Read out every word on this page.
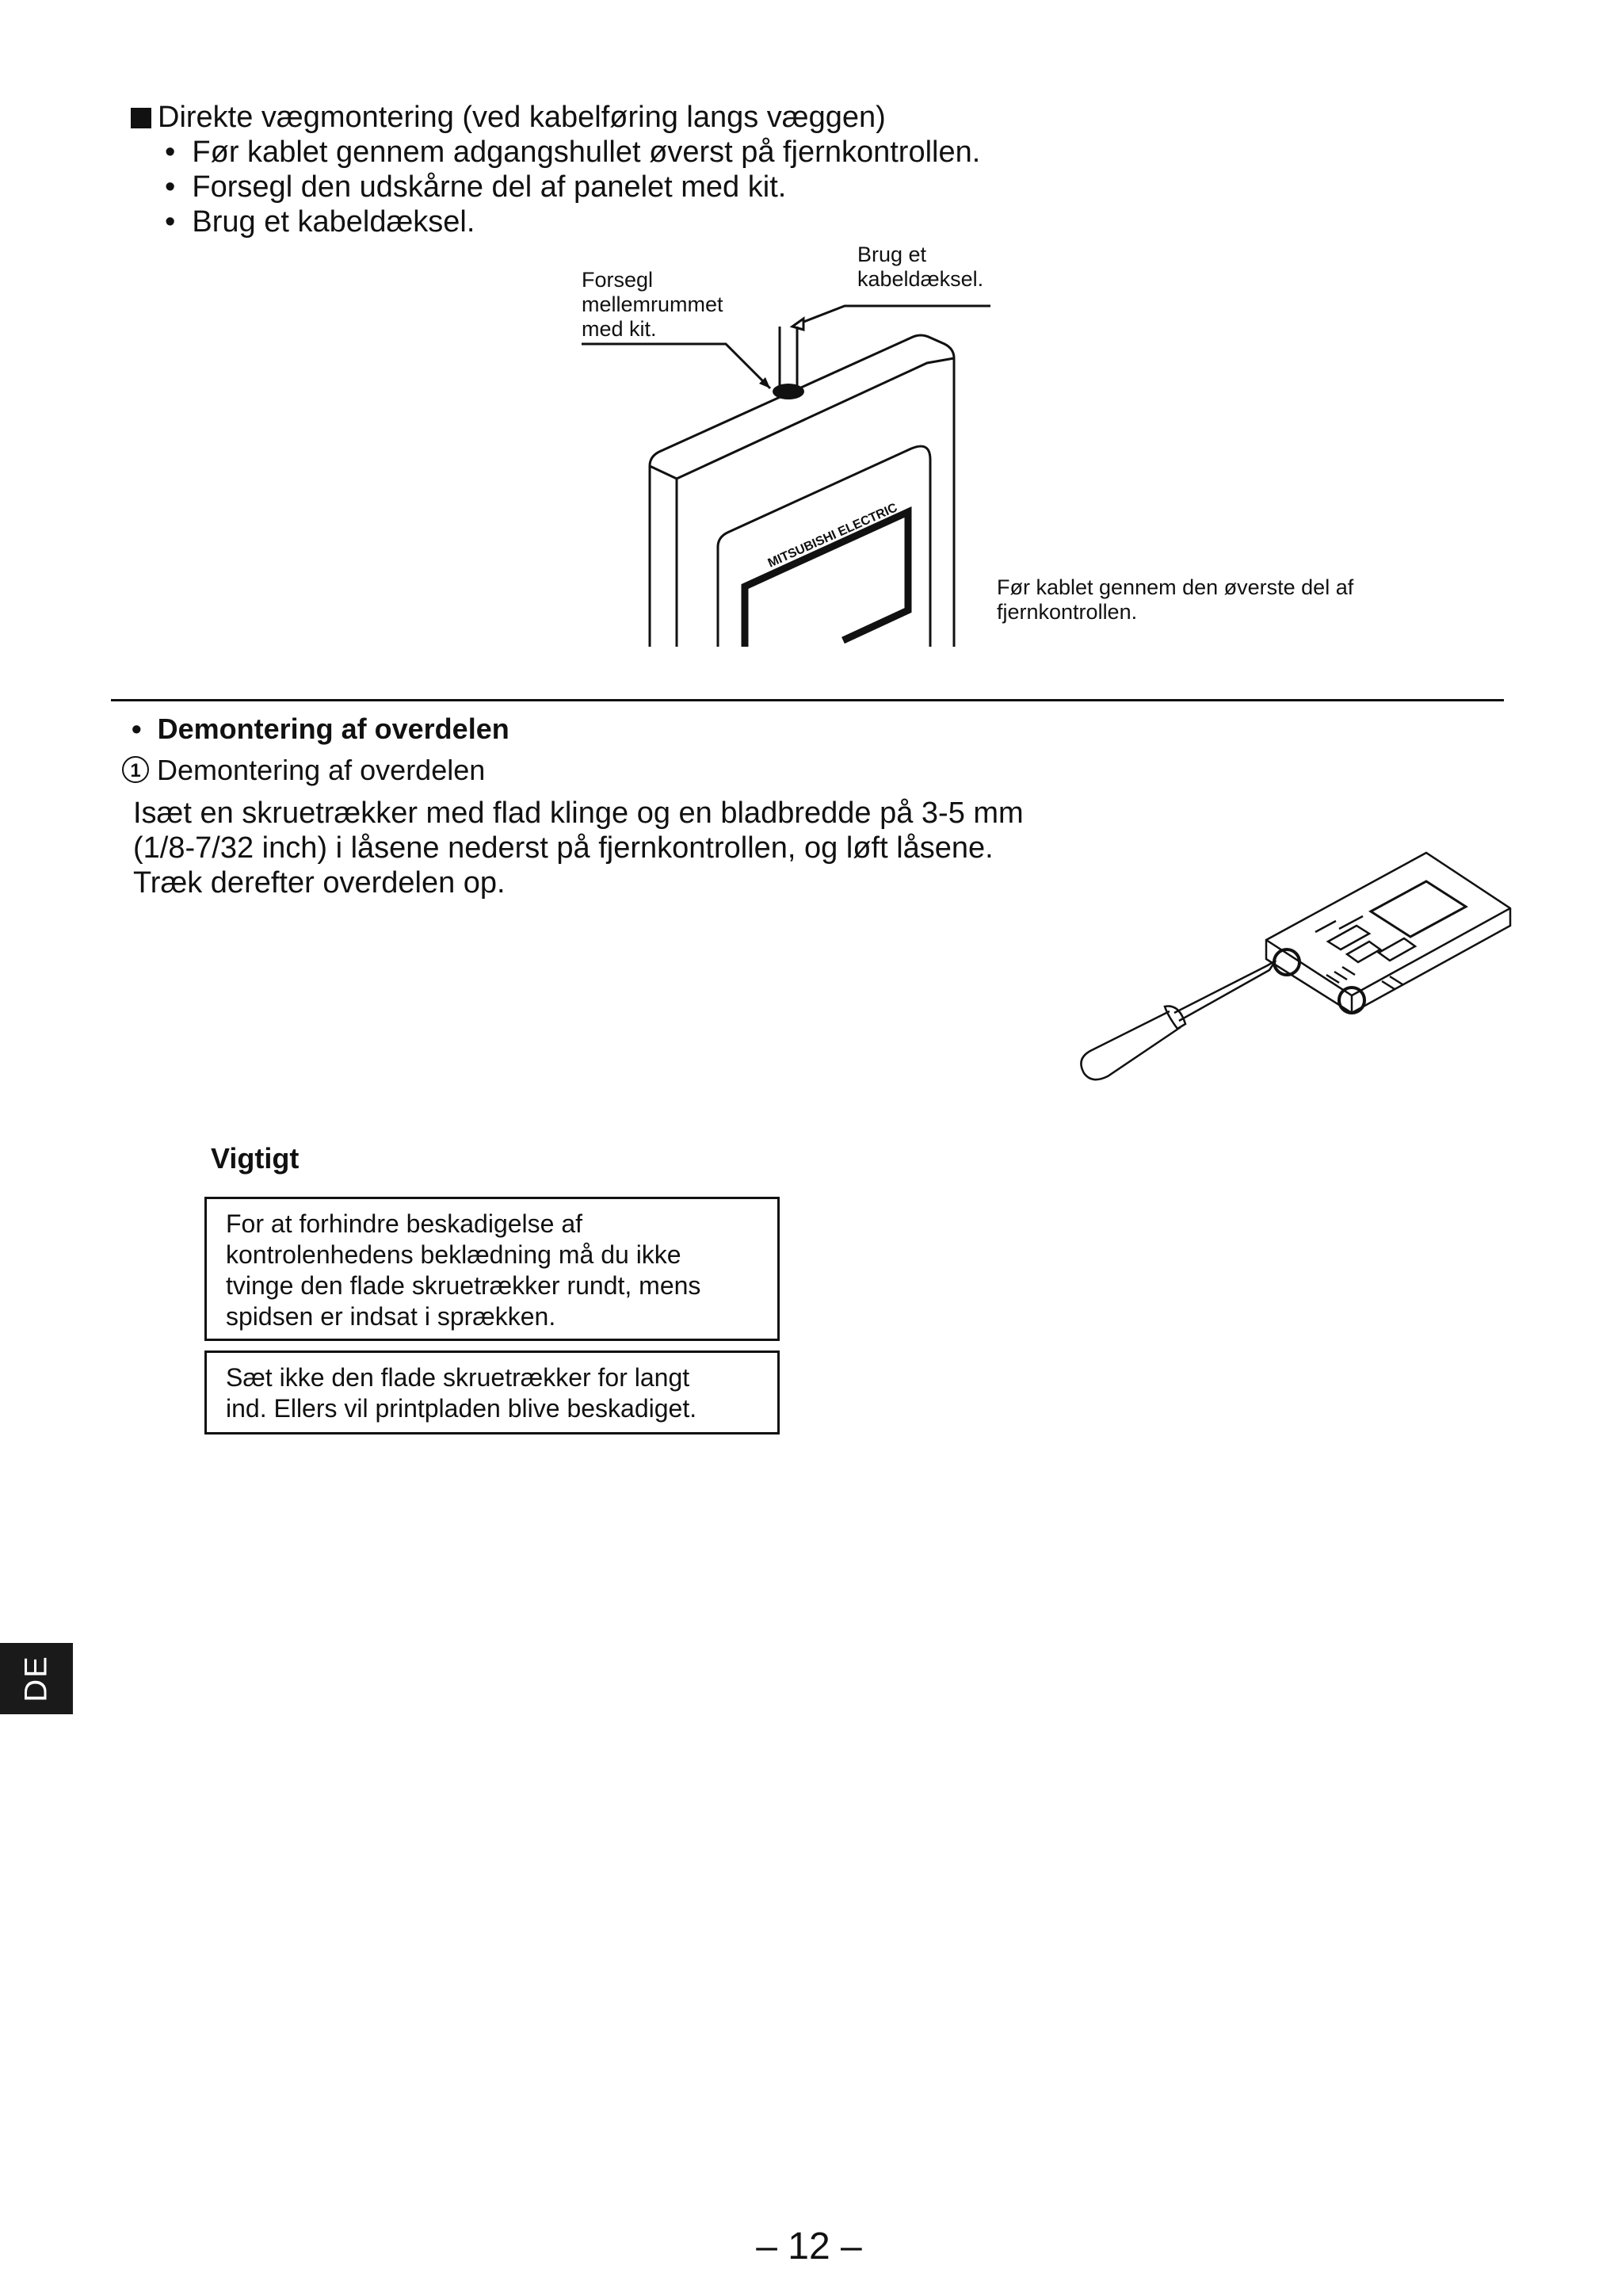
Direkte vægmontering (ved kabelføring langs væggen)
•  Før kablet gennem adgangshullet øverst på fjernkontrollen.
•  Forsegl den udskårne del af panelet med kit.
•  Brug et kabeldæksel.
Forsegl
mellemrummet
med kit.
Brug et
kabeldæksel.
Før kablet gennem den øverste del af
fjernkontrollen.
MITSUBISHI ELECTRIC
•  Demontering af overdelen
1 Demontering af overdelen
Isæt en skruetrækker med flad klinge og en bladbredde på 3-5 mm
(1/8-7/32 inch) i låsene nederst på fjernkontrollen, og løft låsene.
Træk derefter overdelen op.
Vigtigt
For at forhindre beskadigelse af
kontrolenhedens beklædning må du ikke
tvinge den flade skruetrækker rundt, mens
spidsen er indsat i sprækken.
Sæt ikke den flade skruetrækker for langt
ind. Ellers vil printpladen blive beskadiget.
DE
– 12 –
